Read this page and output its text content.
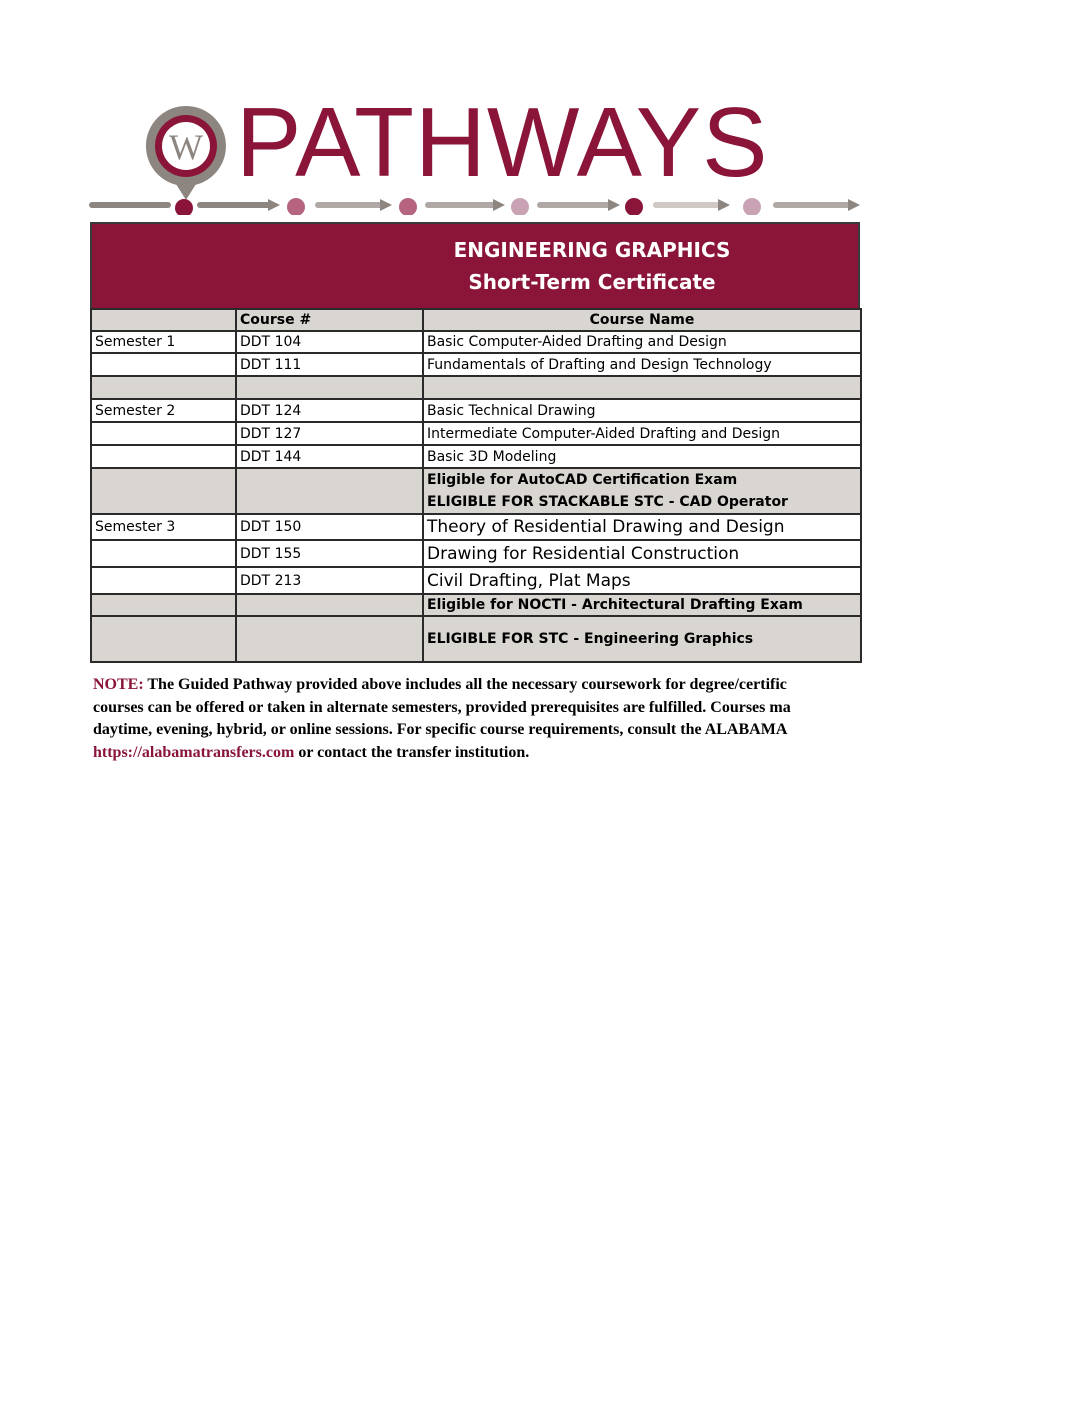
W PATHWAYS
ENGINEERING GRAPHICS
Short-Term Certificate
	Course #	Course Name
Semester 1	DDT 104	Basic Computer-Aided Drafting and Design
	DDT 111	Fundamentals of Drafting and Design Technology

Semester 2	DDT 124	Basic Technical Drawing
	DDT 127	Intermediate Computer-Aided Drafting and Design
	DDT 144	Basic 3D Modeling

		Eligible for AutoCAD Certification Exam
ELIGIBLE FOR STACKABLE STC - CAD Operator

Semester 3	DDT 150	Theory of Residential Drawing and Design
	DDT 155	Drawing for Residential Construction
	DDT 213	Civil Drafting, Plat Maps
		Eligible for NOCTI - Architectural Drafting Exam
		ELIGIBLE FOR STC - Engineering Graphics
NOTE: The Guided Pathway provided above includes all the necessary coursework for degree/certific
courses can be offered or taken in alternate semesters, provided prerequisites are fulfilled. Courses ma
daytime, evening, hybrid, or online sessions. For specific course requirements, consult the ALABAMA
https://alabamatransfers.com or contact the transfer institution.
